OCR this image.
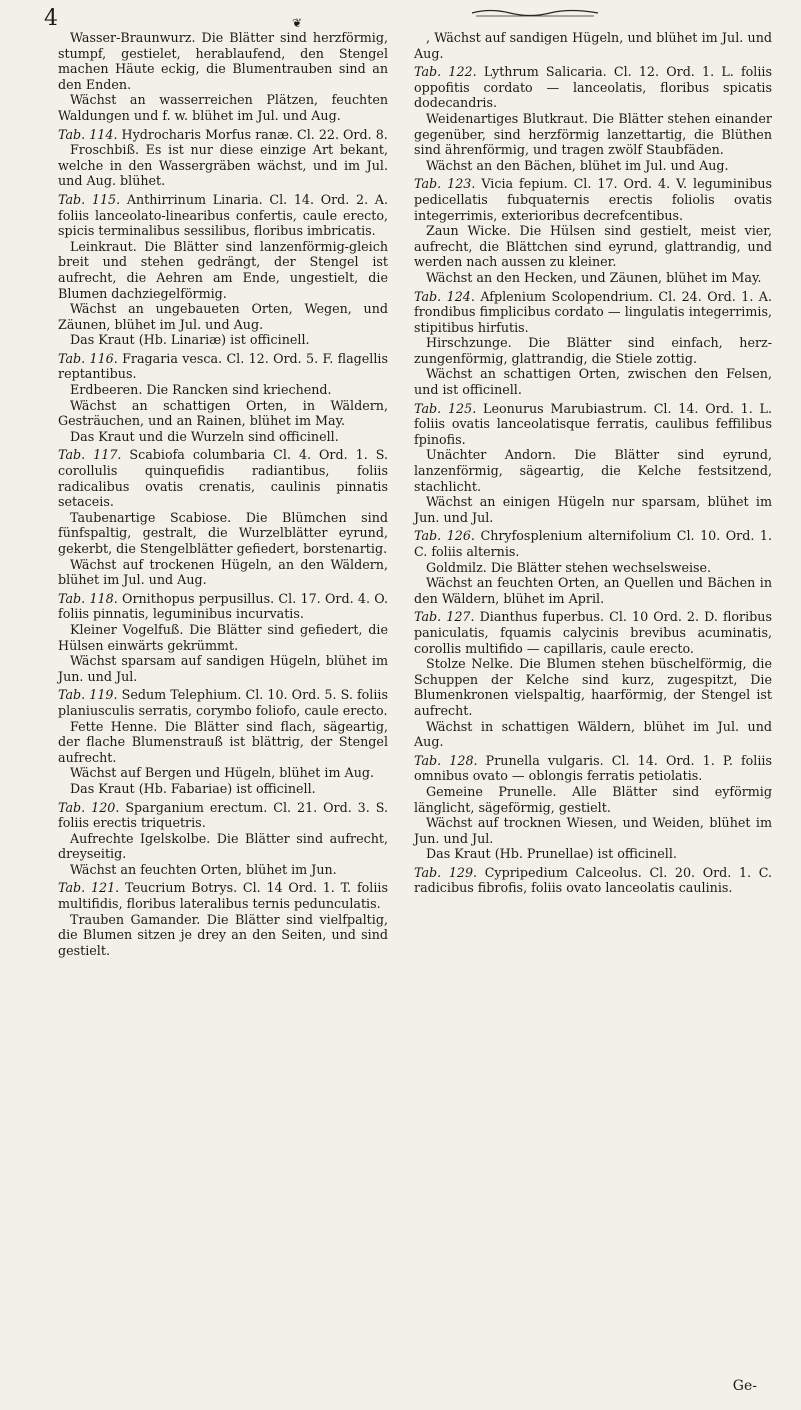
4	❦

Wasser-Braunwurz. Die Blätter sind herzförmig, stumpf, gestielet, herablaufend, den Stengel machen Häute eckig, die Blumentrauben sind an den Enden.

Wächst an wasserreichen Plätzen, feuchten Waldungen und f. w. blühet im Jul. und Aug.

Tab. 114. Hydrocharis Morfus ranæ. Cl. 22. Ord. 8.

Froschbiß. Es ist nur diese einzige Art bekant, welche in den Wassergräben wächst, und im Jul. und Aug. blühet.

Tab. 115. Anthirrinum Linaria. Cl. 14. Ord. 2. A. foliis lanceolato-linearibus confertis, caule erecto, spicis terminalibus sessilibus, floribus imbricatis.

Leinkraut. Die Blätter sind lanzenförmig-gleich breit und stehen gedrängt, der Stengel ist aufrecht, die Aehren am Ende, ungestielt, die Blumen dachziegelförmig.

Wächst an ungebaueten Orten, Wegen, und Zäunen, blühet im Jul. und Aug.

Das Kraut (Hb. Linariæ) ist officinell.

Tab. 116. Fragaria vesca. Cl. 12. Ord. 5. F. flagellis reptantibus.

Erdbeeren. Die Rancken sind kriechend.

Wächst an schattigen Orten, in Wäldern, Gesträuchen, und an Rainen, blühet im May.

Das Kraut und die Wurzeln sind officinell.

Tab. 117. Scabiofa columbaria Cl. 4. Ord. 1. S. corollulis quinquefidis radiantibus, foliis radicalibus ovatis crenatis, caulinis pinnatis setaceis.

Taubenartige Scabiose. Die Blümchen sind fünfspaltig, gestralt, die Wurzelblätter eyrund, gekerbt, die Stengelblätter gefiedert, borstenartig.

Wächst auf trockenen Hügeln, an den Wäldern, blühet im Jul. und Aug.

Tab. 118. Ornithopus perpusillus. Cl. 17. Ord. 4. O. foliis pinnatis, leguminibus incurvatis.

Kleiner Vogelfuß. Die Blätter sind gefiedert, die Hülsen einwärts gekrümmt.

Wächst sparsam auf sandigen Hügeln, blühet im Jun. und Jul.

Tab. 119. Sedum Telephium. Cl. 10. Ord. 5. S. foliis planiusculis serratis, corymbo foliofo, caule erecto.

Fette Henne. Die Blätter sind flach, sägeartig, der flache Blumenstrauß ist blättrig, der Stengel aufrecht.

Wächst auf Bergen und Hügeln, blühet im Aug.

Das Kraut (Hb. Fabariae) ist officinell.

Tab. 120. Sparganium erectum. Cl. 21. Ord. 3. S. foliis erectis triquetris.

Aufrechte Igelskolbe. Die Blätter sind aufrecht, dreyseitig.

Wächst an feuchten Orten, blühet im Jun.

Tab. 121. Teucrium Botrys. Cl. 14 Ord. 1. T. foliis multifidis, floribus lateralibus ternis pedunculatis.

Trauben Gamander. Die Blätter sind vielfpaltig, die Blumen sitzen je drey an den Seiten, und sind gestielt.

, Wächst auf sandigen Hügeln, und blühet im Jul. und Aug.

Tab. 122. Lythrum Salicaria. Cl. 12. Ord. 1. L. foliis oppofitis cordato — lanceolatis, floribus spicatis dodecandris.

Weidenartiges Blutkraut. Die Blätter stehen einander gegenüber, sind herzförmig lanzettartig, die Blüthen sind ährenförmig, und tragen zwölf Staubfäden.

Wächst an den Bächen, blühet im Jul. und Aug.

Tab. 123. Vicia fepium. Cl. 17. Ord. 4. V. leguminibus pedicellatis fubquaternis erectis foliolis ovatis integerrimis, exterioribus decrefcentibus.

Zaun Wicke. Die Hülsen sind gestielt, meist vier, aufrecht, die Blättchen sind eyrund, glattrandig, und werden nach aussen zu kleiner.

Wächst an den Hecken, und Zäunen, blühet im May.

Tab. 124. Afplenium Scolopendrium. Cl. 24. Ord. 1. A. frondibus fimplicibus cordato — lingulatis integerrimis, stipitibus hirfutis.

Hirschzunge. Die Blätter sind einfach, herz- zungenförmig, glattrandig, die Stiele zottig.

Wächst an schattigen Orten, zwischen den Felsen, und ist officinell.

Tab. 125. Leonurus Marubiastrum. Cl. 14. Ord. 1. L. foliis ovatis lanceolatisque ferratis, caulibus feffilibus fpinofis.

Unächter Andorn. Die Blätter sind eyrund, lanzenförmig, sägeartig, die Kelche festsitzend, stachlicht.

Wächst an einigen Hügeln nur sparsam, blühet im Jun. und Jul.

Tab. 126. Chryfosplenium alternifolium Cl. 10. Ord. 1. C. foliis alternis.

Goldmilz. Die Blätter stehen wechselsweise.

Wächst an feuchten Orten, an Quellen und Bächen in den Wäldern, blühet im April.

Tab. 127. Dianthus fuperbus. Cl. 10 Ord. 2. D. floribus paniculatis, fquamis calycinis brevibus acuminatis, corollis multifido — capillaris, caule erecto.

Stolze Nelke. Die Blumen stehen büschelförmig, die Schuppen der Kelche sind kurz, zugespitzt, Die Blumenkronen vielspaltig, haarförmig, der Stengel ist aufrecht.

Wächst in schattigen Wäldern, blühet im Jul. und Aug.

Tab. 128. Prunella vulgaris. Cl. 14. Ord. 1. P. foliis omnibus ovato — oblongis ferratis petiolatis.

Gemeine Prunelle. Alle Blätter sind eyförmig länglicht, sägeförmig, gestielt.

Wächst auf trocknen Wiesen, und Weiden, blühet im Jun. und Jul.

Das Kraut (Hb. Prunellae) ist officinell.

Tab. 129. Cypripedium Calceolus. Cl. 20. Ord. 1. C. radicibus fibrofis, foliis ovato lanceolatis caulinis.

Ge-
